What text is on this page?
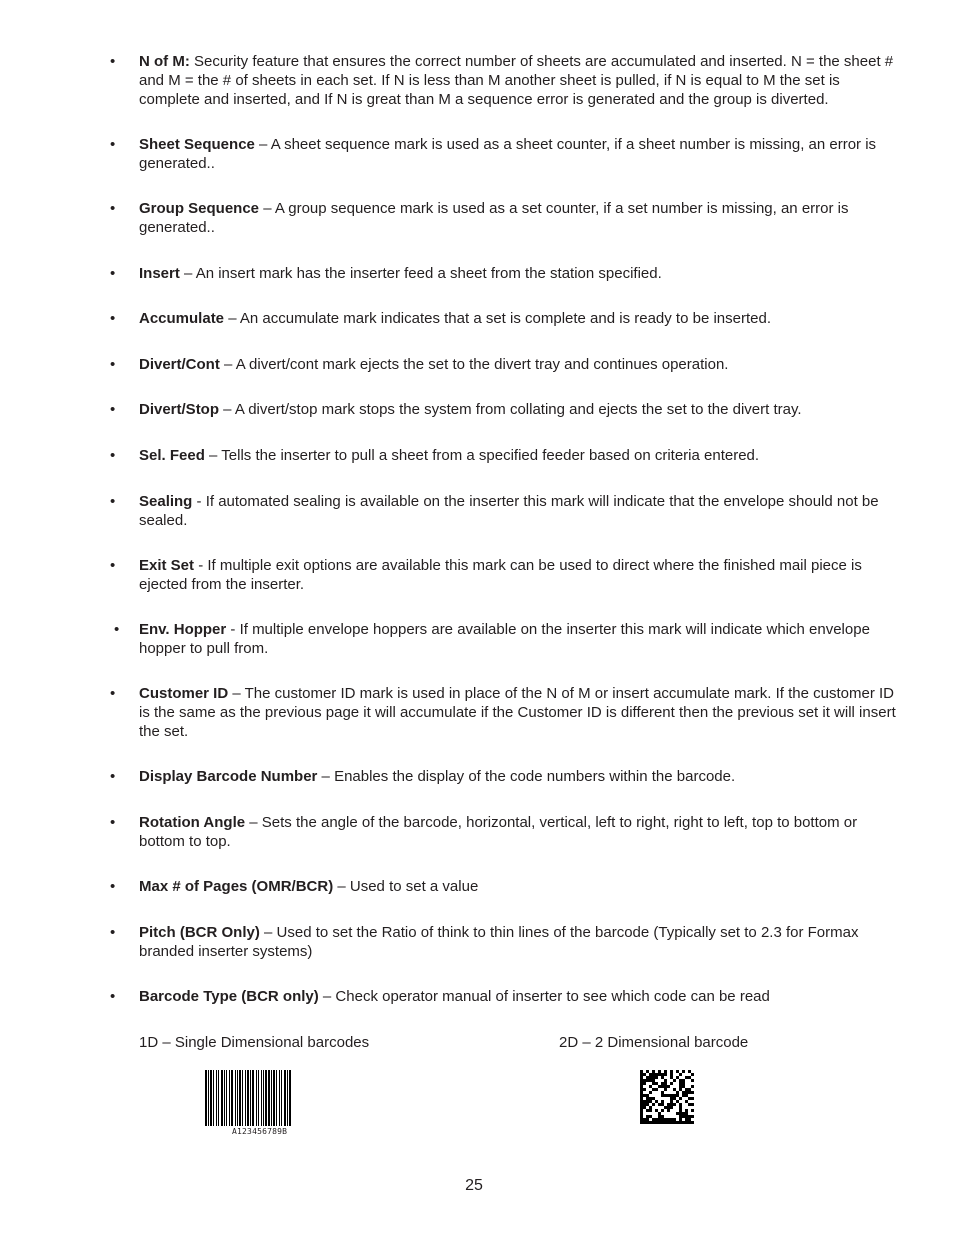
• N of M: Security feature that ensures the correct number of sheets are accumulated and inserted. N = the sheet # and M = the # of sheets in each set. If N is less than M another sheet is pulled, if N is equal to M the set is complete and inserted, and If N is great than M a sequence error is generated and the group is diverted.
• Sheet Sequence – A sheet sequence mark is used as a sheet counter, if a sheet number is missing, an error is generated..
• Group Sequence – A group sequence mark is used as a set counter, if a set number is missing, an error is generated..
• Insert – An insert mark has the inserter feed a sheet from the station specified.
• Accumulate – An accumulate mark indicates that a set is complete and is ready to be inserted.
• Divert/Cont – A divert/cont mark ejects the set to the divert tray and continues operation.
• Divert/Stop – A divert/stop mark stops the system from collating and ejects the set to the divert tray.
• Sel. Feed – Tells the inserter to pull a sheet from a specified feeder based on criteria entered.
• Sealing - If automated sealing is available on the inserter this mark will indicate that the envelope should not be sealed.
• Exit Set - If multiple exit options are available this mark can be used to direct where the finished mail piece is ejected from the inserter.
• Env. Hopper - If multiple envelope hoppers are available on the inserter this mark will indicate which envelope hopper to pull from.
• Customer ID – The customer ID mark is used in place of the N of M or insert accumulate mark. If the customer ID is the same as the previous page it will accumulate if the Customer ID is different then the previous set it will insert the set.
• Display Barcode Number – Enables the display of the code numbers within the barcode.
• Rotation Angle – Sets the angle of the barcode, horizontal, vertical, left to right, right to left, top to bottom or bottom to top.
• Max # of Pages (OMR/BCR) – Used to set a value
• Pitch (BCR Only) – Used to set the Ratio of think to thin lines of the barcode (Typically set to 2.3 for Formax branded inserter systems)
• Barcode Type (BCR only) – Check operator manual of inserter to see which code can be read
1D – Single Dimensional barcodes	2D – 2 Dimensional barcode
A123456789B
25
